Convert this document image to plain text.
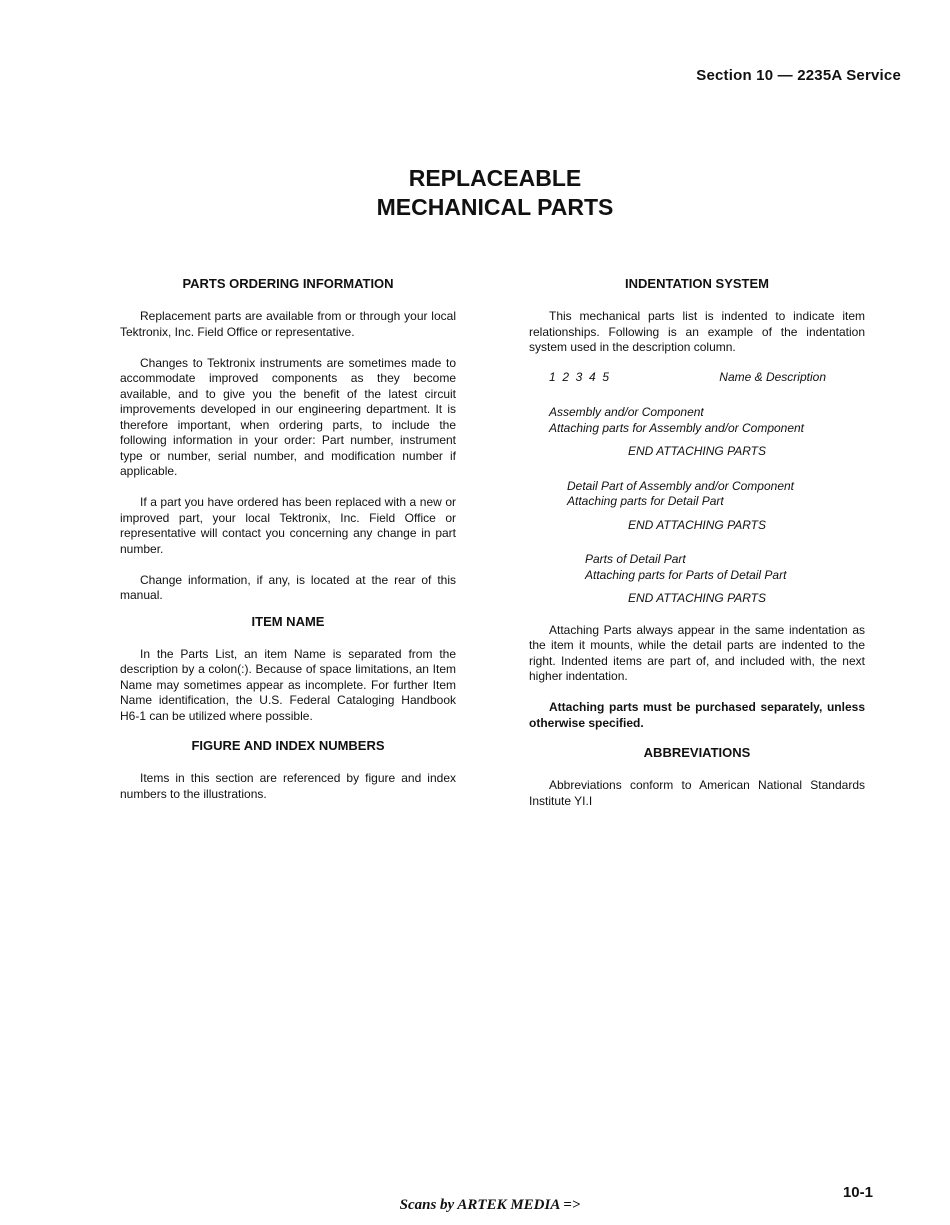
Section 10 — 2235A Service
REPLACEABLE
MECHANICAL PARTS
PARTS ORDERING INFORMATION

Replacement parts are available from or through your local Tektronix, Inc. Field Office or representative.

Changes to Tektronix instruments are sometimes made to accommodate improved components as they become available, and to give you the benefit of the latest circuit improvements developed in our engineering department. It is therefore important, when ordering parts, to include the following information in your order: Part number, instrument type or number, serial number, and modification number if applicable.

If a part you have ordered has been replaced with a new or improved part, your local Tektronix, Inc. Field Office or representative will contact you concerning any change in part number.

Change information, if any, is located at the rear of this manual.

ITEM NAME

In the Parts List, an item Name is separated from the description by a colon(:). Because of space limitations, an Item Name may sometimes appear as incomplete. For further Item Name identification, the U.S. Federal Cataloging Handbook H6-1 can be utilized where possible.

FIGURE AND INDEX NUMBERS

Items in this section are referenced by figure and index numbers to the illustrations.

INDENTATION SYSTEM

This mechanical parts list is indented to indicate item relationships. Following is an example of the indentation system used in the description column.

1  2  3  4  5	Name & Description
Assembly and/or Component
Attaching parts for Assembly and/or Component
END ATTACHING PARTS
Detail Part of Assembly and/or Component
Attaching parts for Detail Part
END ATTACHING PARTS
Parts of Detail Part
Attaching parts for Parts of Detail Part
END ATTACHING PARTS

Attaching Parts always appear in the same indentation as the item it mounts, while the detail parts are indented to the right. Indented items are part of, and included with, the next higher indentation.

Attaching parts must be purchased separately, unless otherwise specified.

ABBREVIATIONS

Abbreviations conform to American National Standards Institute YI.I

10-1
Scans by ARTEK MEDIA =>
